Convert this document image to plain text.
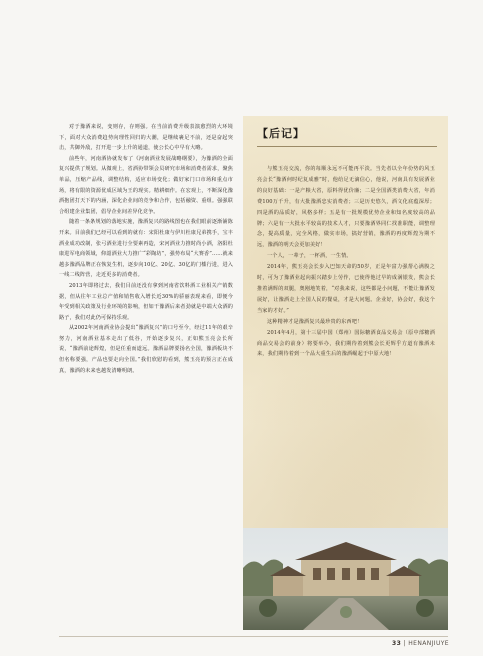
对于豫酒来说，变则存，存则强。在当前消费升级表演愈烈的大环境下，面对大众消费趋势向理性回归的大潮，是继续裹足不前，还是奋起突击，共御外敌，打开进一步上升的通道，使公长心中早有大略。

前些年，河南酒协就发布了《河南酒业发展战略纲要》，为豫酒的全面复兴提供了规划。从微观上，省酒协带领会员研究市场和消费者需求，聚焦单品，压缩产品线，调整结构，适应市场变化；做好家门口市场和重点市场，将有限的资源优成区域为王的现实。精耕细作。在宏观上，不断深化豫酒抱团打天下的内涵，深化企业间的竞争和合作，包括融资、重组。强强联合组建企业集团，倡导企业间差异化竞争。

随着一条条规划的落地实施，豫酒复兴的路线图也在我们眼前逐渐铺陈开来。目前我们已经可以看到的就有：宋阳杜康与伊川杜康兄弟携手，宝丰酒业成功改制，张弓酒业进行全要素再造，宋河酒业力推时尚小酒，洛阳杜康进军电商领域，仰韶酒业大力推广“彩陶坊”，强势布局“大赛香”……就来越多豫酒品牌正在恢复生机，逐步向10亿、20亿、30亿的门槛行进，进入一线二线阵营，走近更多的消费者。

2013年即将过去，我们目前还没有拿到河南省饮料酒工业相关产销数据，但从往年工业总产值和销售收入增长近30%的骄丽表现来看，即便今年受到相关政策及行业环境的影响，但如干豫酒后来者劲就是中端大众酒的路子，我们对此仍可保持乐观。

从2002年河南酒业协会提出“豫酒复兴”的口号至今，经过11年的艰辛努力，河南酒业基本走出了低谷，开始逐步复兴，正如熊玉亮会长所说，“豫酒前途辉煌，但是任重而道远。豫酒品牌要扬名全国，豫酒板块不但名称要强，产品也要走向全国。”我们欣慰的看到，熊玉亮的预言正在成真，豫酒的未来也越发清晰明朗。

【后记】

与熊玉亮交流，你的每顺永远不可能再平淡。当先者以全年份势的风玉亮会长“豫酒何时纪复成雅”时，他给足无滴信心，他说，河南具有发展酒业的良好基础：一是产粮大省，原料得优价廉；二是全国酒类消费大省，年消费100万千升，有大批豫酒忠实消费者；三是历史悠久，酒文化底蕴深厚；四是酒的品质好，风格多样；五是有一批规模优势企业和知名度较高的品牌；六是有一大批水平较高的技术人才，只要豫酒界同仁找准职能，调整理念，提高质量，完全风格，做实市场，搞好营销，豫酒的再度辉煌为期不远，豫酒的明天会更加美好！

一个人，一辈子，一杯酒，一生情。

2014年，熊玉亮会长步入巴知天命的50岁，正是年富力强帮心满腹之时，可为了豫酒业起向振兴踏步上劳作，已使得他过早的成满银发，熊会长推着满辉的双腿，奥刚地笑着，“对我来说，这些都是小问题，不能让豫酒发展好，让豫酒走上全国人民的餐桌，才是大问题。企业好，协会好，我这个当家的才好。”

这种精神才是豫酒复兴最珍贵的东西吧！

2014年4月，第十三届中国（郑州）国际糖酒食品交易会（原中部糖酒商品交易会的前身）将要举办，我们期待着到熊会长更辉乎方道有豫酒未来，我们期待着到一个品大重生后的豫酒崛起于中原大地！

33 | HENANJIUYE
